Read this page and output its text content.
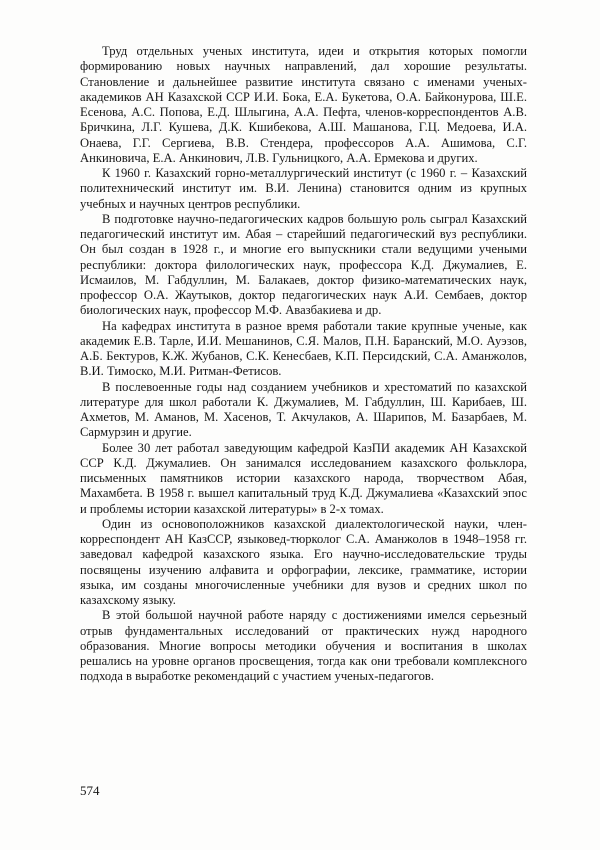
Труд отдельных ученых института, идеи и открытия которых помогли формированию новых научных направлений, дал хорошие результаты. Становление и дальнейшее развитие института связано с именами ученых-академиков АН Казахской ССР И.И. Бока, Е.А. Букетова, О.А. Байконурова, Ш.Е. Есенова, А.С. Попова, Е.Д. Шлыгина, А.А. Пефта, членов-корреспондентов А.В. Бричкина, Л.Г. Кушева, Д.К. Кшибекова, А.Ш. Машанова, Г.Ц. Медоева, И.А. Онаева, Г.Г. Сергиева, В.В. Стендера, профессоров А.А. Ашимова, С.Г. Анкиновича, Е.А. Анкинович, Л.В. Гульницкого, А.А. Ермекова и других.

К 1960 г. Казахский горно-металлургический институт (с 1960 г. – Казахский политехнический институт им. В.И. Ленина) становится одним из крупных учебных и научных центров республики.

В подготовке научно-педагогических кадров большую роль сыграл Казахский педагогический институт им. Абая – старейший педагогический вуз республики. Он был создан в 1928 г., и многие его выпускники стали ведущими учеными республики: доктора филологических наук, профессора К.Д. Джумалиев, Е. Исмаилов, М. Габдуллин, М. Балакаев, доктор физико-математических наук, профессор О.А. Жаутыков, доктор педагогических наук А.И. Сембаев, доктор биологических наук, профессор М.Ф. Авазбакиева и др.

На кафедрах института в разное время работали такие крупные ученые, как академик Е.В. Тарле, И.И. Мешанинов, С.Я. Малов, П.Н. Баранский, М.О. Ауэзов, А.Б. Бектуров, К.Ж. Жубанов, С.К. Кенесбаев, К.П. Персидский, С.А. Аманжолов, В.И. Тимоско, М.И. Ритман-Фетисов.

В послевоенные годы над созданием учебников и хрестоматий по казахской литературе для школ работали К. Джумалиев, М. Габдуллин, Ш. Карибаев, Ш. Ахметов, М. Аманов, М. Хасенов, Т. Акчулаков, А. Шарипов, М. Базарбаев, М. Сармурзин и другие.

Более 30 лет работал заведующим кафедрой КазПИ академик АН Казахской ССР К.Д. Джумалиев. Он занимался исследованием казахского фольклора, письменных памятников истории казахского народа, творчеством Абая, Махамбета. В 1958 г. вышел капитальный труд К.Д. Джумалиева «Казахский эпос и проблемы истории казахской литературы» в 2-х томах.

Один из основоположников казахской диалектологической науки, член-корреспондент АН КазССР, языковед-тюрколог С.А. Аманжолов в 1948–1958 гг. заведовал кафедрой казахского языка. Его научно-исследовательские труды посвящены изучению алфавита и орфографии, лексике, грамматике, истории языка, им созданы многочисленные учебники для вузов и средних школ по казахскому языку.

В этой большой научной работе наряду с достижениями имелся серьезный отрыв фундаментальных исследований от практических нужд народного образования. Многие вопросы методики обучения и воспитания в школах решались на уровне органов просвещения, тогда как они требовали комплексного подхода в выработке рекомендаций с участием ученых-педагогов.

574
